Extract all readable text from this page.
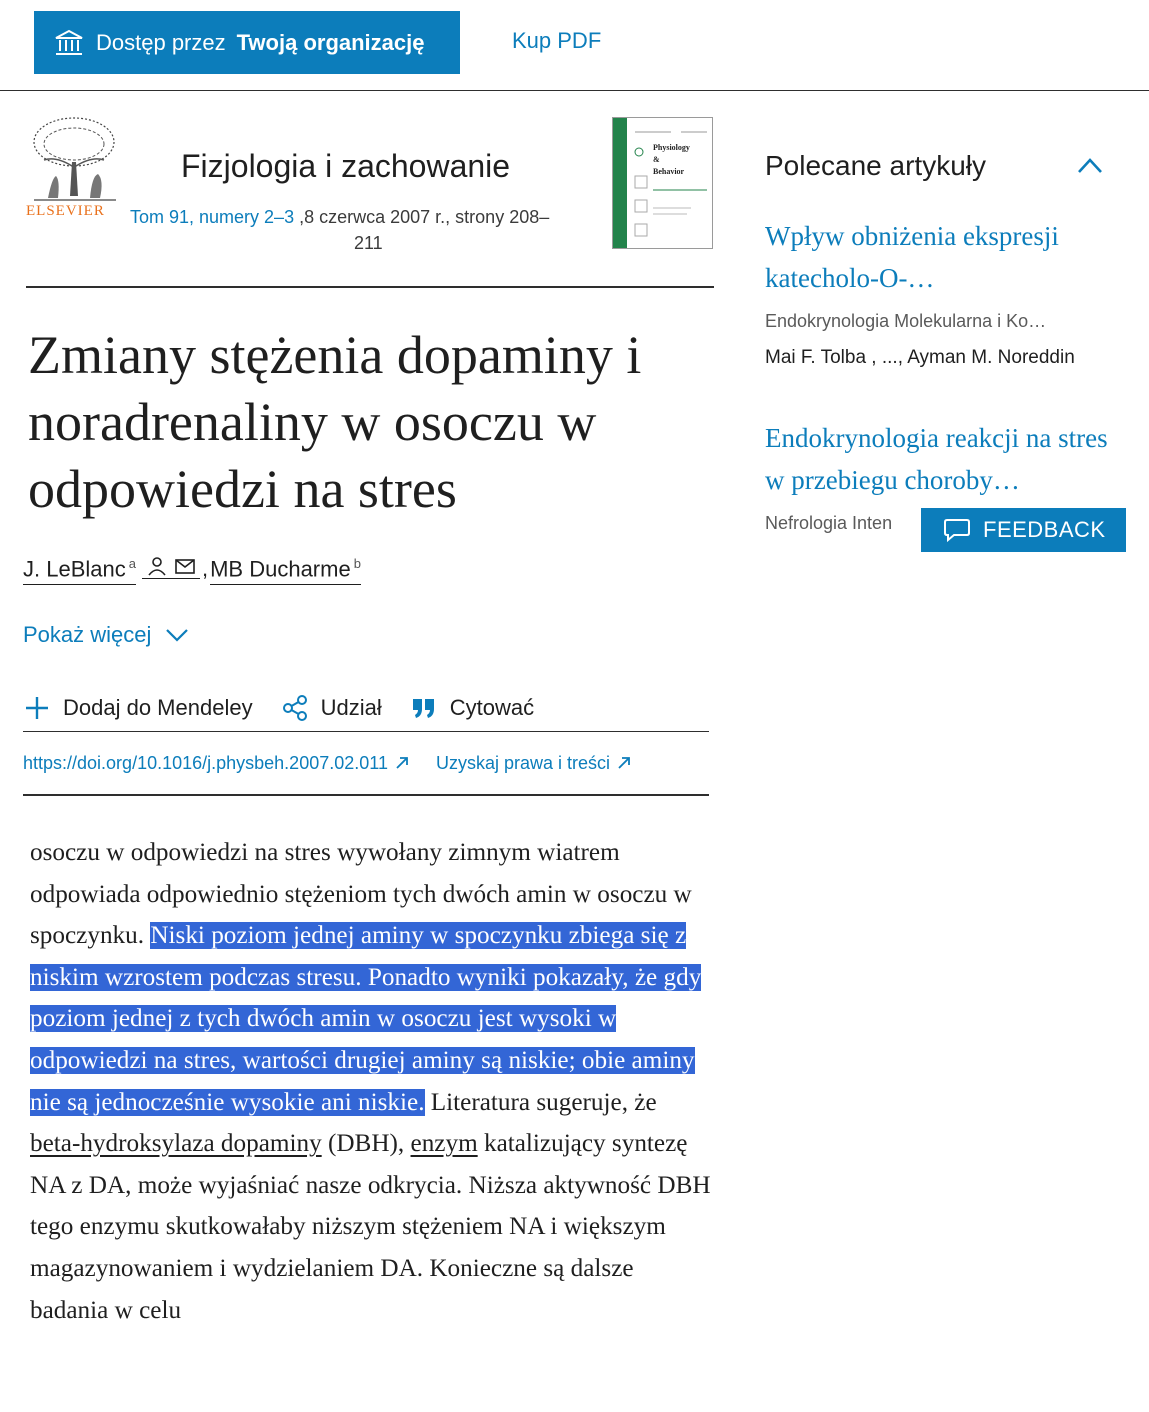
Dostęp przez Twoją organizację	Kup PDF
ELSEVIER
Fizjologia i zachowanie
Tom 91, numery 2–3 ,8 czerwca 2007 r., strony 208–
211
Physiology
&
Behavior
Zmiany stężenia dopaminy i noradrenaliny w osoczu w odpowiedzi na stres
J. LeBlanc $^a$	, MB Ducharme $^b$
Pokaż więcej
Dodaj do Mendeley	Udział	Cytować
https://doi.org/10.1016/j.physbeh.2007.02.011	Uzyskaj prawa i treści
osoczu w odpowiedzi na stres wywołany zimnym wiatrem odpowiada odpowiednio stężeniom tych dwóch amin w osoczu w spoczynku. Niski poziom jednej aminy w spoczynku zbiega się z niskim wzrostem podczas stresu. Ponadto wyniki pokazały, że gdy poziom jednej z tych dwóch amin w osoczu jest wysoki w odpowiedzi na stres, wartości drugiej aminy są niskie; obie aminy nie są jednocześnie wysokie ani niskie. Literatura sugeruje, że beta-hydroksylaza dopaminy (DBH), enzym katalizujący syntezę NA z DA, może wyjaśniać nasze odkrycia. Niższa aktywność DBH tego enzymu skutkowałaby niższym stężeniem NA i większym magazynowaniem i wydzielaniem DA. Konieczne są dalsze badania w celu
Polecane artykuły
Wpływ obniżenia ekspresji katecholo-O-…
Endokrynologia Molekularna i Ko…
Mai F. Tolba , ..., Ayman M. Noreddin
Endokrynologia reakcji na stres w przebiegu choroby…
Nefrologia Inten	FEEDBACK
